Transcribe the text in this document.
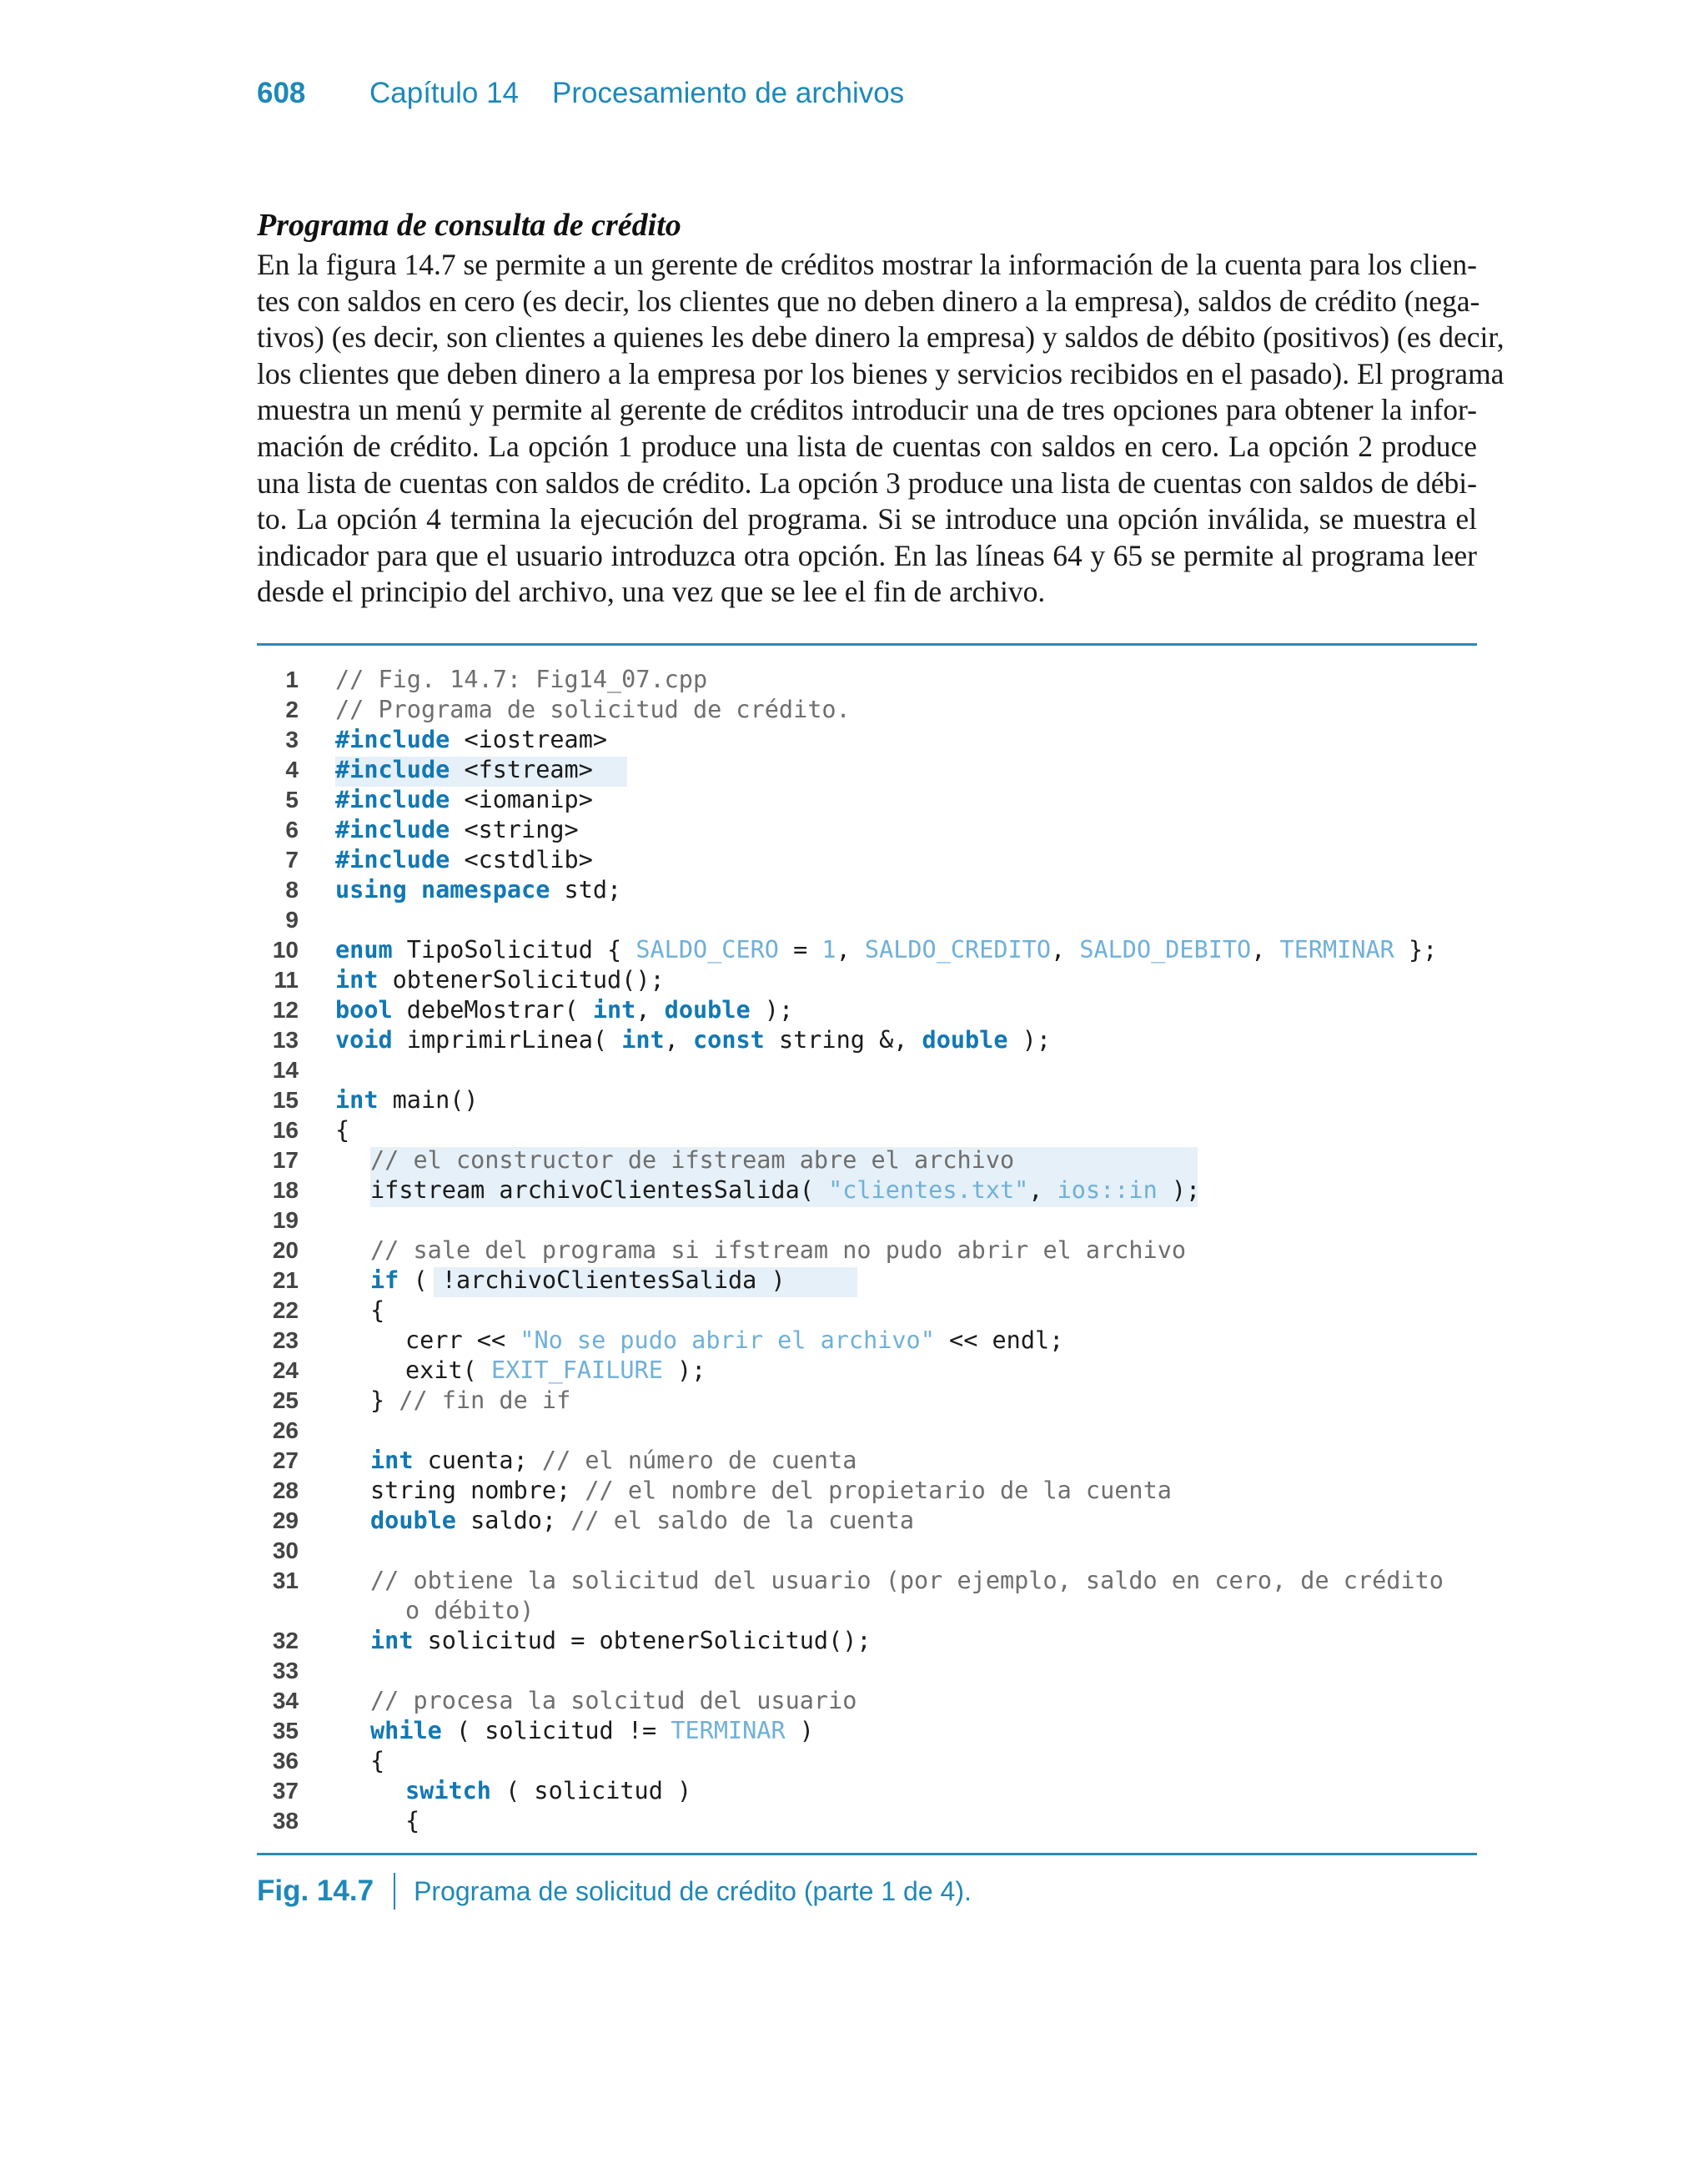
608	Capítulo 14 Procesamiento de archivos
Programa de consulta de crédito

En la figura 14.7 se permite a un gerente de créditos mostrar la información de la cuenta para los clien-
tes con saldos en cero (es decir, los clientes que no deben dinero a la empresa), saldos de crédito (nega-
tivos) (es decir, son clientes a quienes les debe dinero la empresa) y saldos de débito (positivos) (es decir,
los clientes que deben dinero a la empresa por los bienes y servicios recibidos en el pasado). El programa
muestra un menú y permite al gerente de créditos introducir una de tres opciones para obtener la infor-
mación de crédito. La opción 1 produce una lista de cuentas con saldos en cero. La opción 2 produce
una lista de cuentas con saldos de crédito. La opción 3 produce una lista de cuentas con saldos de débi-
to. La opción 4 termina la ejecución del programa. Si se introduce una opción inválida, se muestra el
indicador para que el usuario introduzca otra opción. En las líneas 64 y 65 se permite al programa leer
desde el principio del archivo, una vez que se lee el fin de archivo.

1 // Fig. 14.7: Fig14_07.cpp
2 // Programa de solicitud de crédito.
3 #include <iostream>
4 #include <fstream>
5 #include <iomanip>
6 #include <string>
7 #include <cstdlib>
8 using namespace std;
9
10 enum TipoSolicitud { SALDO_CERO = 1, SALDO_CREDITO, SALDO_DEBITO, TERMINAR };
11 int obtenerSolicitud();
12 bool debeMostrar( int, double );
13 void imprimirLinea( int, const string &, double );
14
15 int main()
16 {
17	// el constructor de ifstream abre el archivo
18	ifstream archivoClientesSalida( "clientes.txt", ios::in );
19
20	// sale del programa si ifstream no pudo abrir el archivo
21	if ( !archivoClientesSalida )
22	{
23	cerr << "No se pudo abrir el archivo" << endl;
24	exit( EXIT_FAILURE );
25	} // fin de if
26
27	int cuenta; // el número de cuenta
28	string nombre; // el nombre del propietario de la cuenta
29	double saldo; // el saldo de la cuenta
30
31	// obtiene la solicitud del usuario (por ejemplo, saldo en cero, de crédito
o débito)
32	int solicitud = obtenerSolicitud();
33
34	// procesa la solcitud del usuario
35	while ( solicitud != TERMINAR )
36	{
37	switch ( solicitud )
38	{
Fig. 14.7 Programa de solicitud de crédito (parte 1 de 4).
